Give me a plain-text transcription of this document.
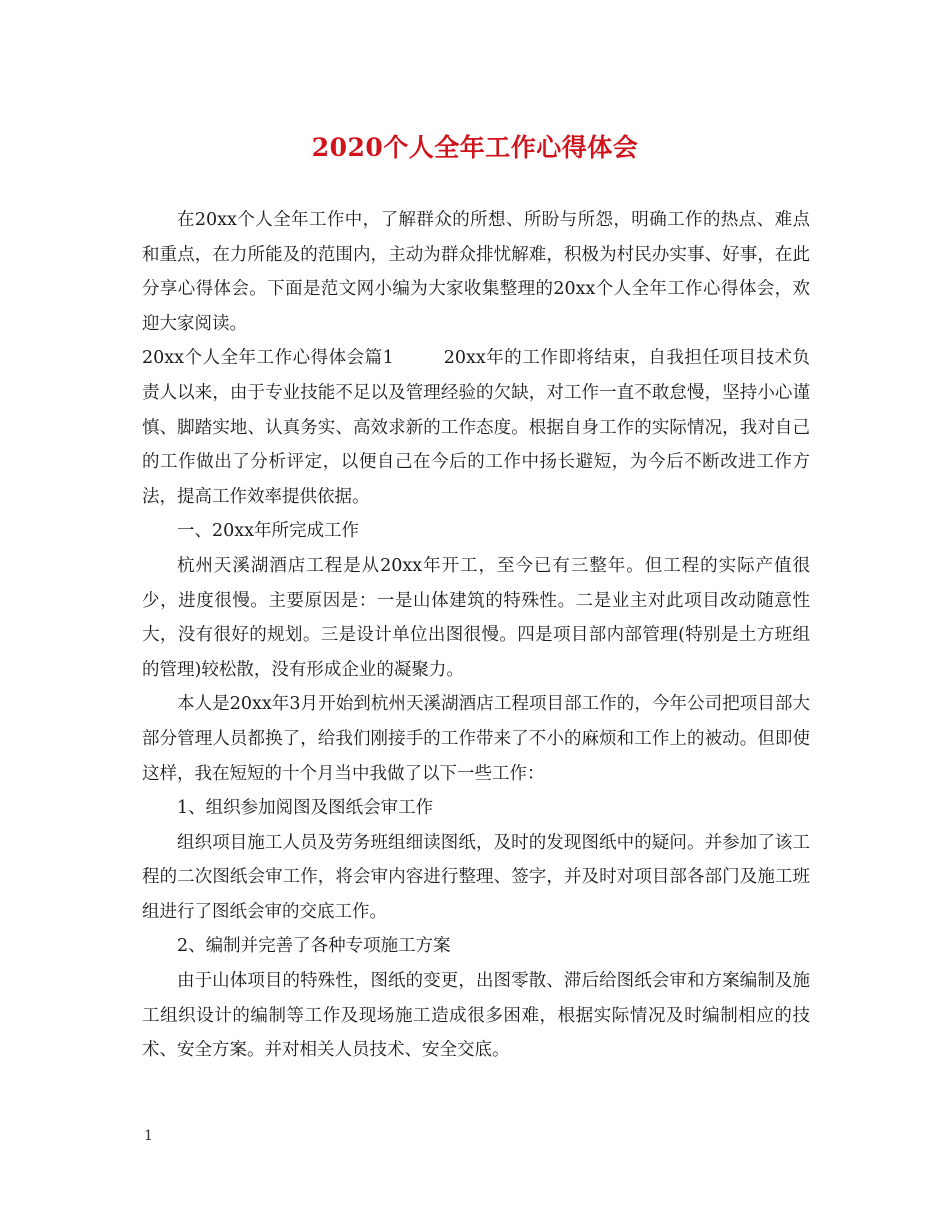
2020个人全年工作心得体会

在20xx个人全年工作中，了解群众的所想、所盼与所怨，明确工作的热点、难点和重点，在力所能及的范围内，主动为群众排忧解难，积极为村民办实事、好事，在此分享心得体会。下面是范文网小编为大家收集整理的20xx个人全年工作心得体会，欢迎大家阅读。

20xx个人全年工作心得体会篇1	20xx年的工作即将结束，自我担任项目技术负责人以来，由于专业技能不足以及管理经验的欠缺，对工作一直不敢怠慢，坚持小心谨慎、脚踏实地、认真务实、高效求新的工作态度。根据自身工作的实际情况，我对自己的工作做出了分析评定，以便自己在今后的工作中扬长避短，为今后不断改进工作方法，提高工作效率提供依据。

一、20xx年所完成工作

杭州天溪湖酒店工程是从20xx年开工，至今已有三整年。但工程的实际产值很少，进度很慢。主要原因是：一是山体建筑的特殊性。二是业主对此项目改动随意性大，没有很好的规划。三是设计单位出图很慢。四是项目部内部管理(特别是土方班组的管理)较松散，没有形成企业的凝聚力。

本人是20xx年3月开始到杭州天溪湖酒店工程项目部工作的，今年公司把项目部大部分管理人员都换了，给我们刚接手的工作带来了不小的麻烦和工作上的被动。但即使这样，我在短短的十个月当中我做了以下一些工作：

1、组织参加阅图及图纸会审工作

组织项目施工人员及劳务班组细读图纸，及时的发现图纸中的疑问。并参加了该工程的二次图纸会审工作，将会审内容进行整理、签字，并及时对项目部各部门及施工班组进行了图纸会审的交底工作。

2、编制并完善了各种专项施工方案

由于山体项目的特殊性，图纸的变更，出图零散、滞后给图纸会审和方案编制及施工组织设计的编制等工作及现场施工造成很多困难，根据实际情况及时编制相应的技术、安全方案。并对相关人员技术、安全交底。

1
